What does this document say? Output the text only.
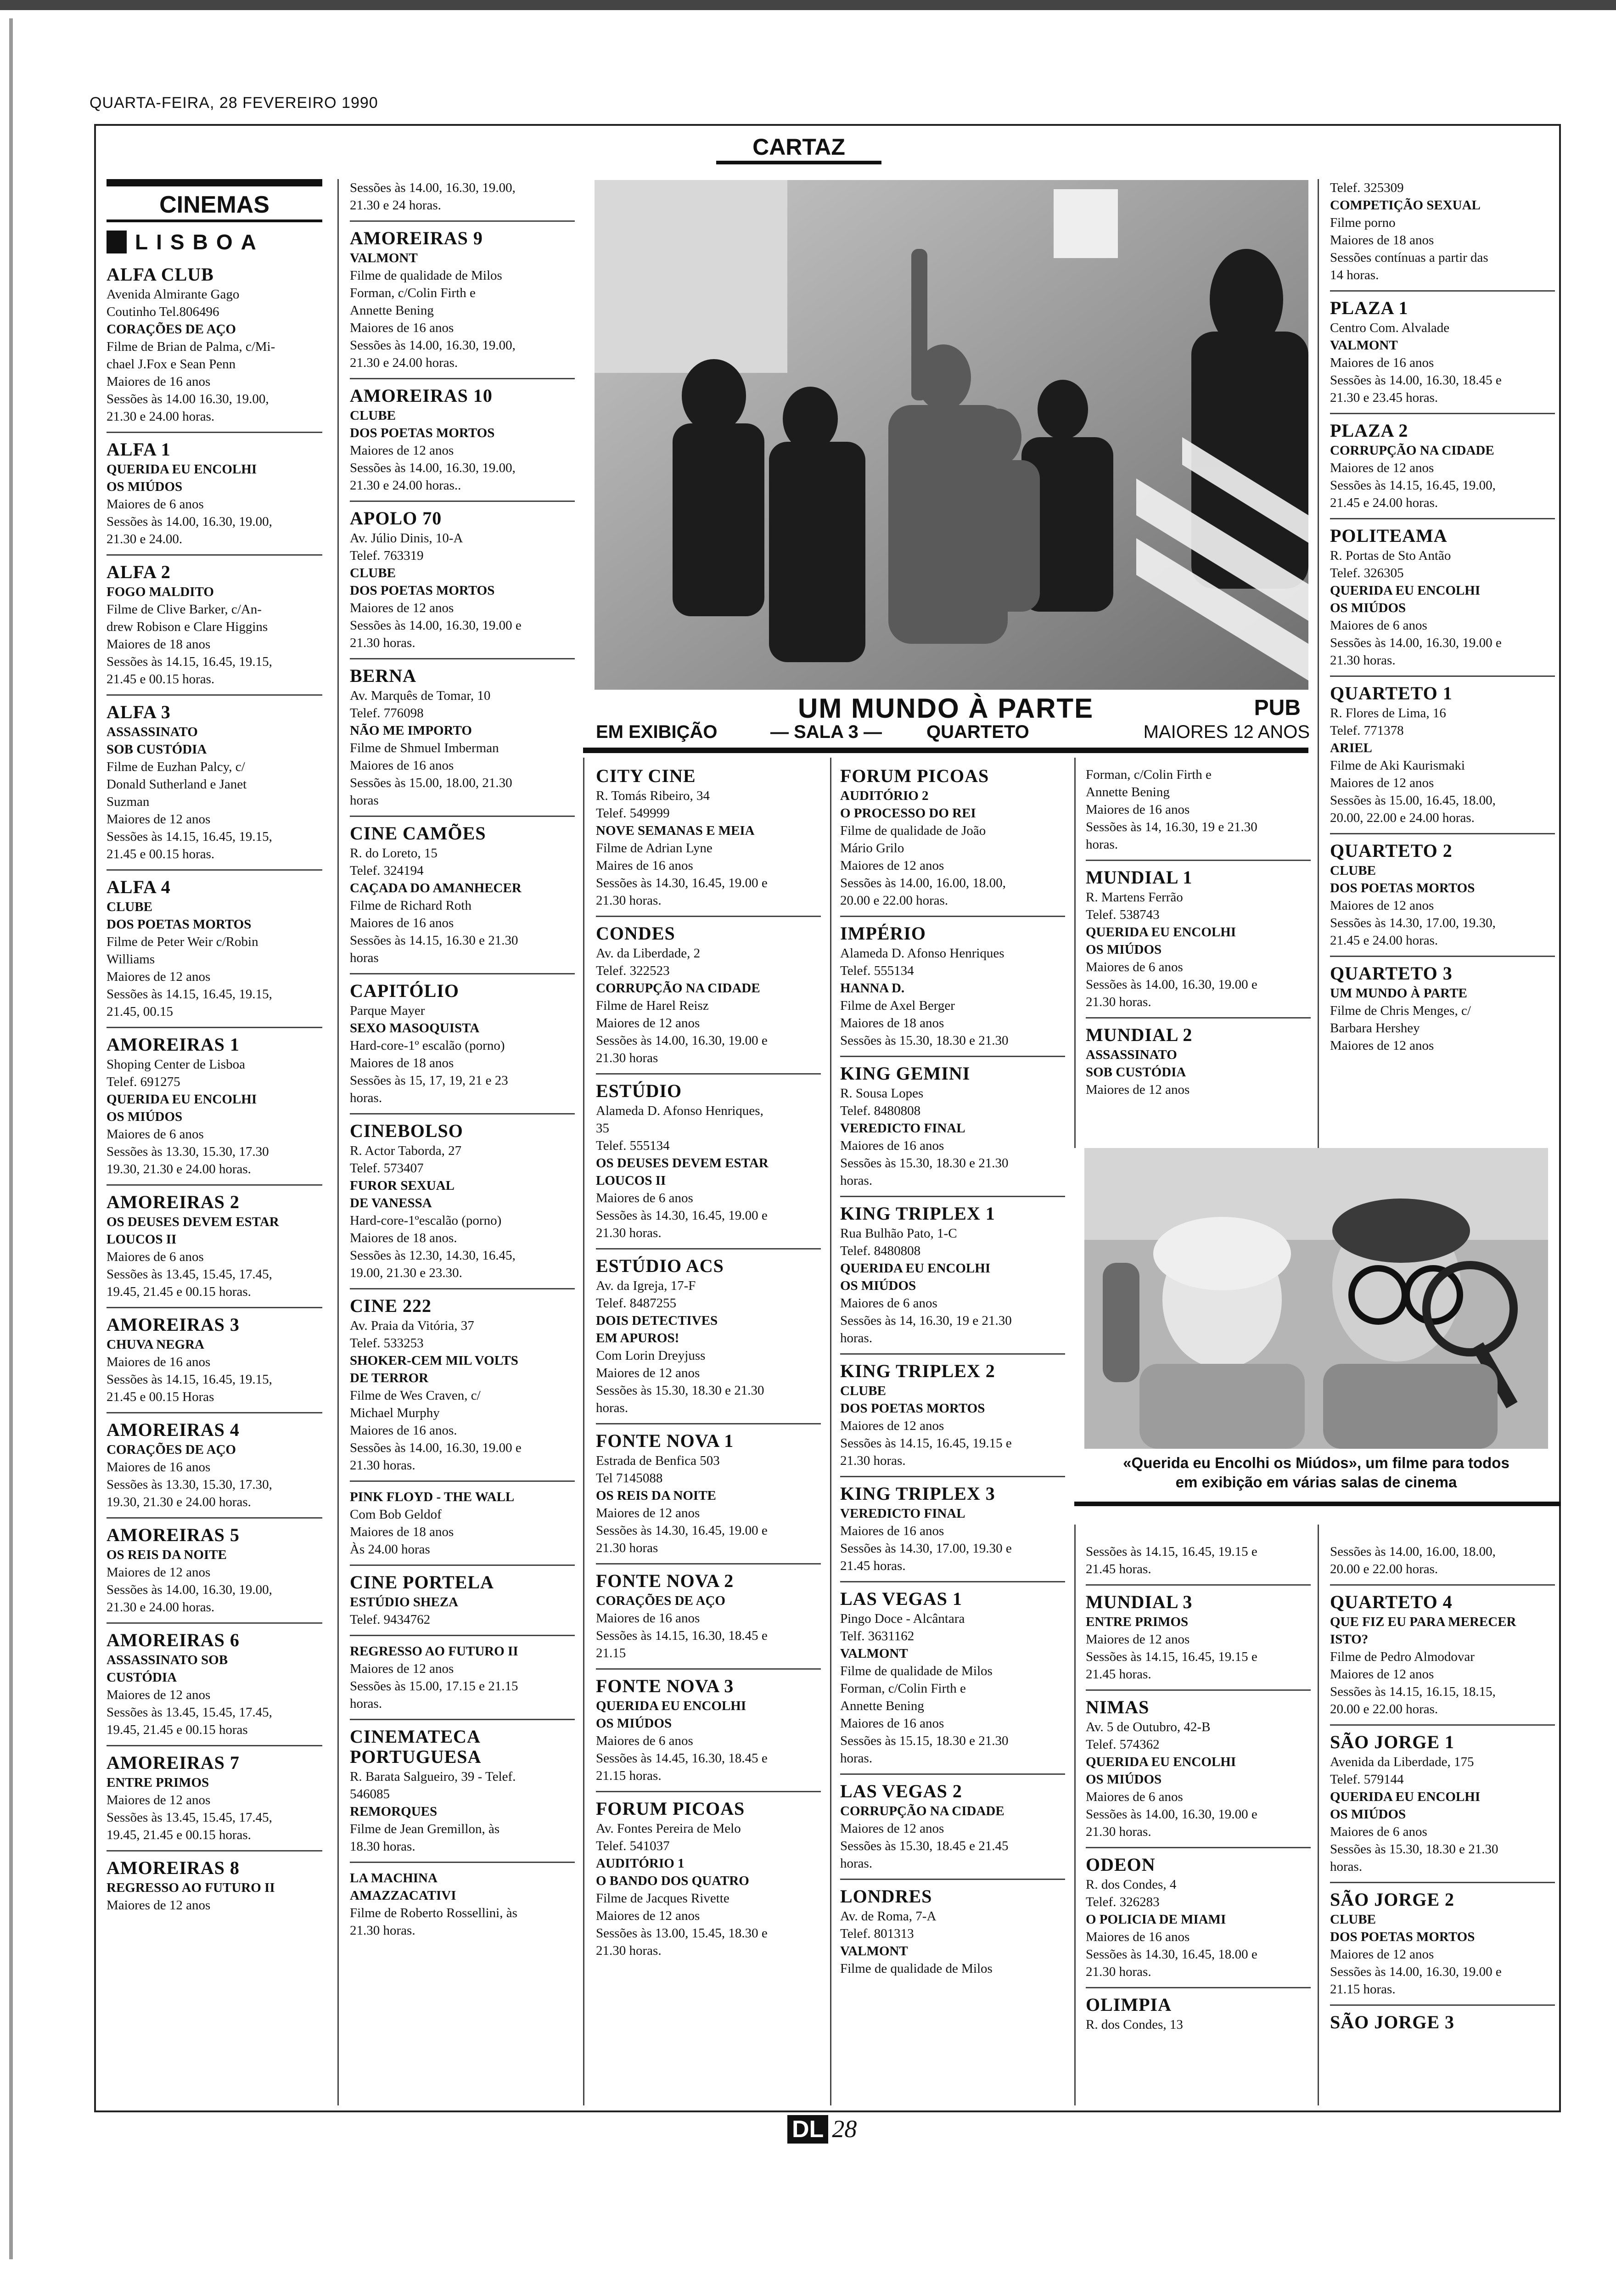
QUARTA-FEIRA, 28 FEVEREIRO 1990
CARTAZ
CINEMAS
L I S B O A
ALFA CLUB
Avenida Almirante Gago
Coutinho Tel.806496
CORAÇÕES DE AÇO
Filme de Brian de Palma, c/Mi-
chael J.Fox e Sean Penn
Maiores de 16 anos
Sessões às 14.00 16.30, 19.00,
21.30 e 24.00 horas.
ALFA 1
QUERIDA EU ENCOLHI
OS MIÚDOS
Maiores de 6 anos
Sessões às 14.00, 16.30, 19.00,
21.30 e 24.00.
ALFA 2
FOGO MALDITO
Filme de Clive Barker, c/An-
drew Robison e Clare Higgins
Maiores de 18 anos
Sessões às 14.15, 16.45, 19.15,
21.45 e 00.15 horas.
ALFA 3
ASSASSINATO
SOB CUSTÓDIA
Filme de Euzhan Palcy, c/
Donald Sutherland e Janet
Suzman
Maiores de 12 anos
Sessões às 14.15, 16.45, 19.15,
21.45 e 00.15 horas.
ALFA 4
CLUBE
DOS POETAS MORTOS
Filme de Peter Weir c/Robin
Williams
Maiores de 12 anos
Sessões às 14.15, 16.45, 19.15,
21.45, 00.15
AMOREIRAS 1
Shoping Center de Lisboa
Telef. 691275
QUERIDA EU ENCOLHI
OS MIÚDOS
Maiores de 6 anos
Sessões às 13.30, 15.30, 17.30
19.30, 21.30 e 24.00 horas.
AMOREIRAS 2
OS DEUSES DEVEM ESTAR
LOUCOS II
Maiores de 6 anos
Sessões às 13.45, 15.45, 17.45,
19.45, 21.45 e 00.15 horas.
AMOREIRAS 3
CHUVA NEGRA
Maiores de 16 anos
Sessões às 14.15, 16.45, 19.15,
21.45 e 00.15 Horas
AMOREIRAS 4
CORAÇÕES DE AÇO
Maiores de 16 anos
Sessões às 13.30, 15.30, 17.30,
19.30, 21.30 e 24.00 horas.
AMOREIRAS 5
OS REIS DA NOITE
Maiores de 12 anos
Sessões às 14.00, 16.30, 19.00,
21.30 e 24.00 horas.
AMOREIRAS 6
ASSASSINATO SOB
CUSTÓDIA
Maiores de 12 anos
Sessões às 13.45, 15.45, 17.45,
19.45, 21.45 e 00.15 horas
AMOREIRAS 7
ENTRE PRIMOS
Maiores de 12 anos
Sessões às 13.45, 15.45, 17.45,
19.45, 21.45 e 00.15 horas.
AMOREIRAS 8
REGRESSO AO FUTURO II
Maiores de 12 anos
Sessões às 14.00, 16.30, 19.00,
21.30 e 24 horas.
AMOREIRAS 9
VALMONT
Filme de qualidade de Milos
Forman, c/Colin Firth e
Annette Bening
Maiores de 16 anos
Sessões às 14.00, 16.30, 19.00,
21.30 e 24.00 horas.
AMOREIRAS 10
CLUBE
DOS POETAS MORTOS
Maiores de 12 anos
Sessões às 14.00, 16.30, 19.00,
21.30 e 24.00 horas..
APOLO 70
Av. Júlio Dinis, 10-A
Telef. 763319
CLUBE
DOS POETAS MORTOS
Maiores de 12 anos
Sessões às 14.00, 16.30, 19.00 e
21.30 horas.
BERNA
Av. Marquês de Tomar, 10
Telef. 776098
NÃO ME IMPORTO
Filme de Shmuel Imberman
Maiores de 16 anos
Sessões às 15.00, 18.00, 21.30
horas
CINE CAMÕES
R. do Loreto, 15
Telef. 324194
CAÇADA DO AMANHECER
Filme de Richard Roth
Maiores de 16 anos
Sessões às 14.15, 16.30 e 21.30
horas
CAPITÓLIO
Parque Mayer
SEXO MASOQUISTA
Hard-core-1º escalão (porno)
Maiores de 18 anos
Sessões às 15, 17, 19, 21 e 23
horas.
CINEBOLSO
R. Actor Taborda, 27
Telef. 573407
FUROR SEXUAL
DE VANESSA
Hard-core-1ºescalão (porno)
Maiores de 18 anos.
Sessões às 12.30, 14.30, 16.45,
19.00, 21.30 e 23.30.
CINE 222
Av. Praia da Vitória, 37
Telef. 533253
SHOKER-CEM MIL VOLTS
DE TERROR
Filme de Wes Craven, c/
Michael Murphy
Maiores de 16 anos.
Sessões às 14.00, 16.30, 19.00 e
21.30 horas.
PINK FLOYD - THE WALL
Com Bob Geldof
Maiores de 18 anos
Às 24.00 horas
CINE PORTELA
ESTÚDIO SHEZA
Telef. 9434762
REGRESSO AO FUTURO II
Maiores de 12 anos
Sessões às 15.00, 17.15 e 21.15
horas.
CINEMATECA PORTUGUESA
R. Barata Salgueiro, 39 - Telef.
546085
REMORQUES
Filme de Jean Gremillon, às
18.30 horas.
LA MACHINA
AMAZZACATIVI
Filme de Roberto Rossellini, às
21.30 horas.
UM MUNDO À PARTE	PUB
EM EXIBIÇÃO	— SALA 3 — QUARTETO	MAIORES 12 ANOS
CITY CINE
R. Tomás Ribeiro, 34
Telef. 549999
NOVE SEMANAS E MEIA
Filme de Adrian Lyne
Maires de 16 anos
Sessões às 14.30, 16.45, 19.00 e
21.30 horas.
CONDES
Av. da Liberdade, 2
Telef. 322523
CORRUPÇÃO NA CIDADE
Filme de Harel Reisz
Maiores de 12 anos
Sessões às 14.00, 16.30, 19.00 e
21.30 horas
ESTÚDIO
Alameda D. Afonso Henriques,
35
Telef. 555134
OS DEUSES DEVEM ESTAR
LOUCOS II
Maiores de 6 anos
Sessões às 14.30, 16.45, 19.00 e
21.30 horas.
ESTÚDIO ACS
Av. da Igreja, 17-F
Telef. 8487255
DOIS DETECTIVES
EM APUROS!
Com Lorin Dreyjuss
Maiores de 12 anos
Sessões às 15.30, 18.30 e 21.30
horas.
FONTE NOVA 1
Estrada de Benfica 503
Tel 7145088
OS REIS DA NOITE
Maiores de 12 anos
Sessões às 14.30, 16.45, 19.00 e
21.30 horas
FONTE NOVA 2
CORAÇÕES DE AÇO
Maiores de 16 anos
Sessões às 14.15, 16.30, 18.45 e
21.15
FONTE NOVA 3
QUERIDA EU ENCOLHI
OS MIÚDOS
Maiores de 6 anos
Sessões às 14.45, 16.30, 18.45 e
21.15 horas.
FORUM PICOAS
Av. Fontes Pereira de Melo
Telef. 541037
AUDITÓRIO 1
O BANDO DOS QUATRO
Filme de Jacques Rivette
Maiores de 12 anos
Sessões às 13.00, 15.45, 18.30 e
21.30 horas.
FORUM PICOAS
AUDITÓRIO 2
O PROCESSO DO REI
Filme de qualidade de João
Mário Grilo
Maiores de 12 anos
Sessões às 14.00, 16.00, 18.00,
20.00 e 22.00 horas.
IMPÉRIO
Alameda D. Afonso Henriques
Telef. 555134
HANNA D.
Filme de Axel Berger
Maiores de 18 anos
Sessões às 15.30, 18.30 e 21.30
KING GEMINI
R. Sousa Lopes
Telef. 8480808
VEREDICTO FINAL
Maiores de 16 anos
Sessões às 15.30, 18.30 e 21.30
horas.
KING TRIPLEX 1
Rua Bulhão Pato, 1-C
Telef. 8480808
QUERIDA EU ENCOLHI
OS MIÚDOS
Maiores de 6 anos
Sessões às 14, 16.30, 19 e 21.30
horas.
KING TRIPLEX 2
CLUBE
DOS POETAS MORTOS
Maiores de 12 anos
Sessões às 14.15, 16.45, 19.15 e
21.30 horas.
KING TRIPLEX 3
VEREDICTO FINAL
Maiores de 16 anos
Sessões às 14.30, 17.00, 19.30 e
21.45 horas.
LAS VEGAS 1
Pingo Doce - Alcântara
Telf. 3631162
VALMONT
Filme de qualidade de Milos
Forman, c/Colin Firth e
Annette Bening
Maiores de 16 anos
Sessões às 15.15, 18.30 e 21.30
horas.
LAS VEGAS 2
CORRUPÇÃO NA CIDADE
Maiores de 12 anos
Sessões às 15.30, 18.45 e 21.45
horas.
LONDRES
Av. de Roma, 7-A
Telef. 801313
VALMONT
Filme de qualidade de Milos
Forman, c/Colin Firth e
Annette Bening
Maiores de 16 anos
Sessões às 14, 16.30, 19 e 21.30
horas.
MUNDIAL 1
R. Martens Ferrão
Telef. 538743
QUERIDA EU ENCOLHI
OS MIÚDOS
Maiores de 6 anos
Sessões às 14.00, 16.30, 19.00 e
21.30 horas.
MUNDIAL 2
ASSASSINATO
SOB CUSTÓDIA
Maiores de 12 anos
Telef. 325309
COMPETIÇÃO SEXUAL
Filme porno
Maiores de 18 anos
Sessões contínuas a partir das
14 horas.
PLAZA 1
Centro Com. Alvalade
VALMONT
Maiores de 16 anos
Sessões às 14.00, 16.30, 18.45 e
21.30 e 23.45 horas.
PLAZA 2
CORRUPÇÃO NA CIDADE
Maiores de 12 anos
Sessões às 14.15, 16.45, 19.00,
21.45 e 24.00 horas.
POLITEAMA
R. Portas de Sto Antão
Telef. 326305
QUERIDA EU ENCOLHI
OS MIÚDOS
Maiores de 6 anos
Sessões às 14.00, 16.30, 19.00 e
21.30 horas.
QUARTETO 1
R. Flores de Lima, 16
Telef. 771378
ARIEL
Filme de Aki Kaurismaki
Maiores de 12 anos
Sessões às 15.00, 16.45, 18.00,
20.00, 22.00 e 24.00 horas.
QUARTETO 2
CLUBE
DOS POETAS MORTOS
Maiores de 12 anos
Sessões às 14.30, 17.00, 19.30,
21.45 e 24.00 horas.
QUARTETO 3
UM MUNDO À PARTE
Filme de Chris Menges, c/
Barbara Hershey
Maiores de 12 anos
«Querida eu Encolhi os Miúdos», um filme para todos
em exibição em várias salas de cinema
Sessões às 14.15, 16.45, 19.15 e
21.45 horas.
MUNDIAL 3
ENTRE PRIMOS
Maiores de 12 anos
Sessões às 14.15, 16.45, 19.15 e
21.45 horas.
NIMAS
Av. 5 de Outubro, 42-B
Telef. 574362
QUERIDA EU ENCOLHI
OS MIÚDOS
Maiores de 6 anos
Sessões às 14.00, 16.30, 19.00 e
21.30 horas.
ODEON
R. dos Condes, 4
Telef. 326283
O POLICIA DE MIAMI
Maiores de 16 anos
Sessões às 14.30, 16.45, 18.00 e
21.30 horas.
OLIMPIA
R. dos Condes, 13
Sessões às 14.00, 16.00, 18.00,
20.00 e 22.00 horas.
QUARTETO 4
QUE FIZ EU PARA MERECER
ISTO?
Filme de Pedro Almodovar
Maiores de 12 anos
Sessões às 14.15, 16.15, 18.15,
20.00 e 22.00 horas.
SÃO JORGE 1
Avenida da Liberdade, 175
Telef. 579144
QUERIDA EU ENCOLHI
OS MIÚDOS
Maiores de 6 anos
Sessões às 15.30, 18.30 e 21.30
horas.
SÃO JORGE 2
CLUBE
DOS POETAS MORTOS
Maiores de 12 anos
Sessões às 14.00, 16.30, 19.00 e
21.15 horas.
SÃO JORGE 3
DL 28
